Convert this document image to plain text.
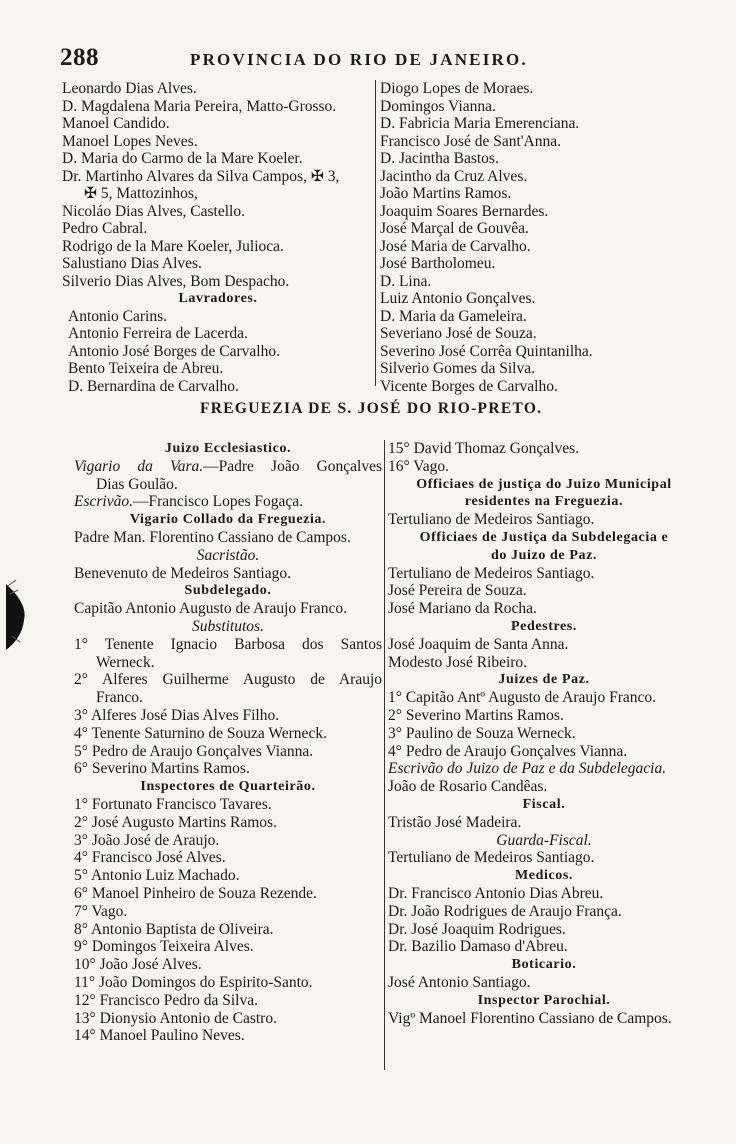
288	PROVINCIA DO RIO DE JANEIRO.
Leonardo Dias Alves.
D. Magdalena Maria Pereira, Matto-Grosso.
Manoel Candido.
Manoel Lopes Neves.
D. Maria do Carmo de la Mare Koeler.
Dr. Martinho Alvares da Silva Campos, ✠ 3,
✠ 5, Mattozinhos,
Nicoláo Dias Alves, Castello.
Pedro Cabral.
Rodrigo de la Mare Koeler, Julioca.
Salustiano Dias Alves.
Silverio Dias Alves, Bom Despacho.
Lavradores.
Antonio Carins.
Antonio Ferreira de Lacerda.
Antonio José Borges de Carvalho.
Bento Teixeira de Abreu.
D. Bernardina de Carvalho.
Diogo Lopes de Moraes.
Domingos Vianna.
D. Fabricia Maria Emerenciana.
Francisco José de Sant'Anna.
D. Jacintha Bastos.
Jacintho da Cruz Alves.
João Martins Ramos.
Joaquim Soares Bernardes.
José Marçal de Gouvêa.
José Maria de Carvalho.
José Bartholomeu.
D. Lina.
Luiz Antonio Gonçalves.
D. Maria da Gameleira.
Severiano José de Souza.
Severino José Corrêa Quintanilha.
Silverio Gomes da Silva.
Vicente Borges de Carvalho.
FREGUEZIA DE S. JOSÉ DO RIO-PRETO.
Juizo Ecclesiastico.
Vigario da Vara.—Padre João Gonçalves
Dias Goulão.
Escrivão.—Francisco Lopes Fogaça.
Vigario Collado da Freguezia.
Padre Man. Florentino Cassiano de Campos.
Sacristão.
Benevenuto de Medeiros Santiago.
Subdelegado.
Capitão Antonio Augusto de Araujo Franco.
Substitutos.
1° Tenente Ignacio Barbosa dos Santos
Werneck.
2° Alferes Guilherme Augusto de Araujo
Franco.
3° Alferes José Dias Alves Filho.
4° Tenente Saturnino de Souza Werneck.
5° Pedro de Araujo Gonçalves Vianna.
6° Severino Martins Ramos.
Inspectores de Quarteirão.
1° Fortunato Francisco Tavares.
2° José Augusto Martins Ramos.
3° João José de Araujo.
4° Francisco José Alves.
5° Antonio Luiz Machado.
6° Manoel Pinheiro de Souza Rezende.
7° Vago.
8° Antonio Baptista de Oliveira.
9° Domingos Teixeira Alves.
10° João José Alves.
11° João Domingos do Espirito-Santo.
12° Francisco Pedro da Silva.
13° Dionysio Antonio de Castro.
14° Manoel Paulino Neves.
15° David Thomaz Gonçalves.
16° Vago.
Officiaes de justiça do Juizo Municipal
residentes na Freguezia.
Tertuliano de Medeiros Santiago.
Officiaes de Justiça da Subdelegacia e
do Juizo de Paz.
Tertuliano de Medeiros Santiago.
José Pereira de Souza.
José Mariano da Rocha.
Pedestres.
José Joaquim de Santa Anna.
Modesto José Ribeiro.
Juizes de Paz.
1° Capitão Antº Augusto de Araujo Franco.
2° Severino Martins Ramos.
3° Paulino de Souza Werneck.
4° Pedro de Araujo Gonçalves Vianna.
Escrivão do Juizo de Paz e da Subdelegacia.
João de Rosario Candêas.
Fiscal.
Tristão José Madeira.
Guarda-Fiscal.
Tertuliano de Medeiros Santiago.
Medicos.
Dr. Francisco Antonio Dias Abreu.
Dr. João Rodrigues de Araujo França.
Dr. José Joaquim Rodrigues.
Dr. Bazilio Damaso d'Abreu.
Boticario.
José Antonio Santiago.
Inspector Parochial.
Vigº Manoel Florentino Cassiano de Campos.
